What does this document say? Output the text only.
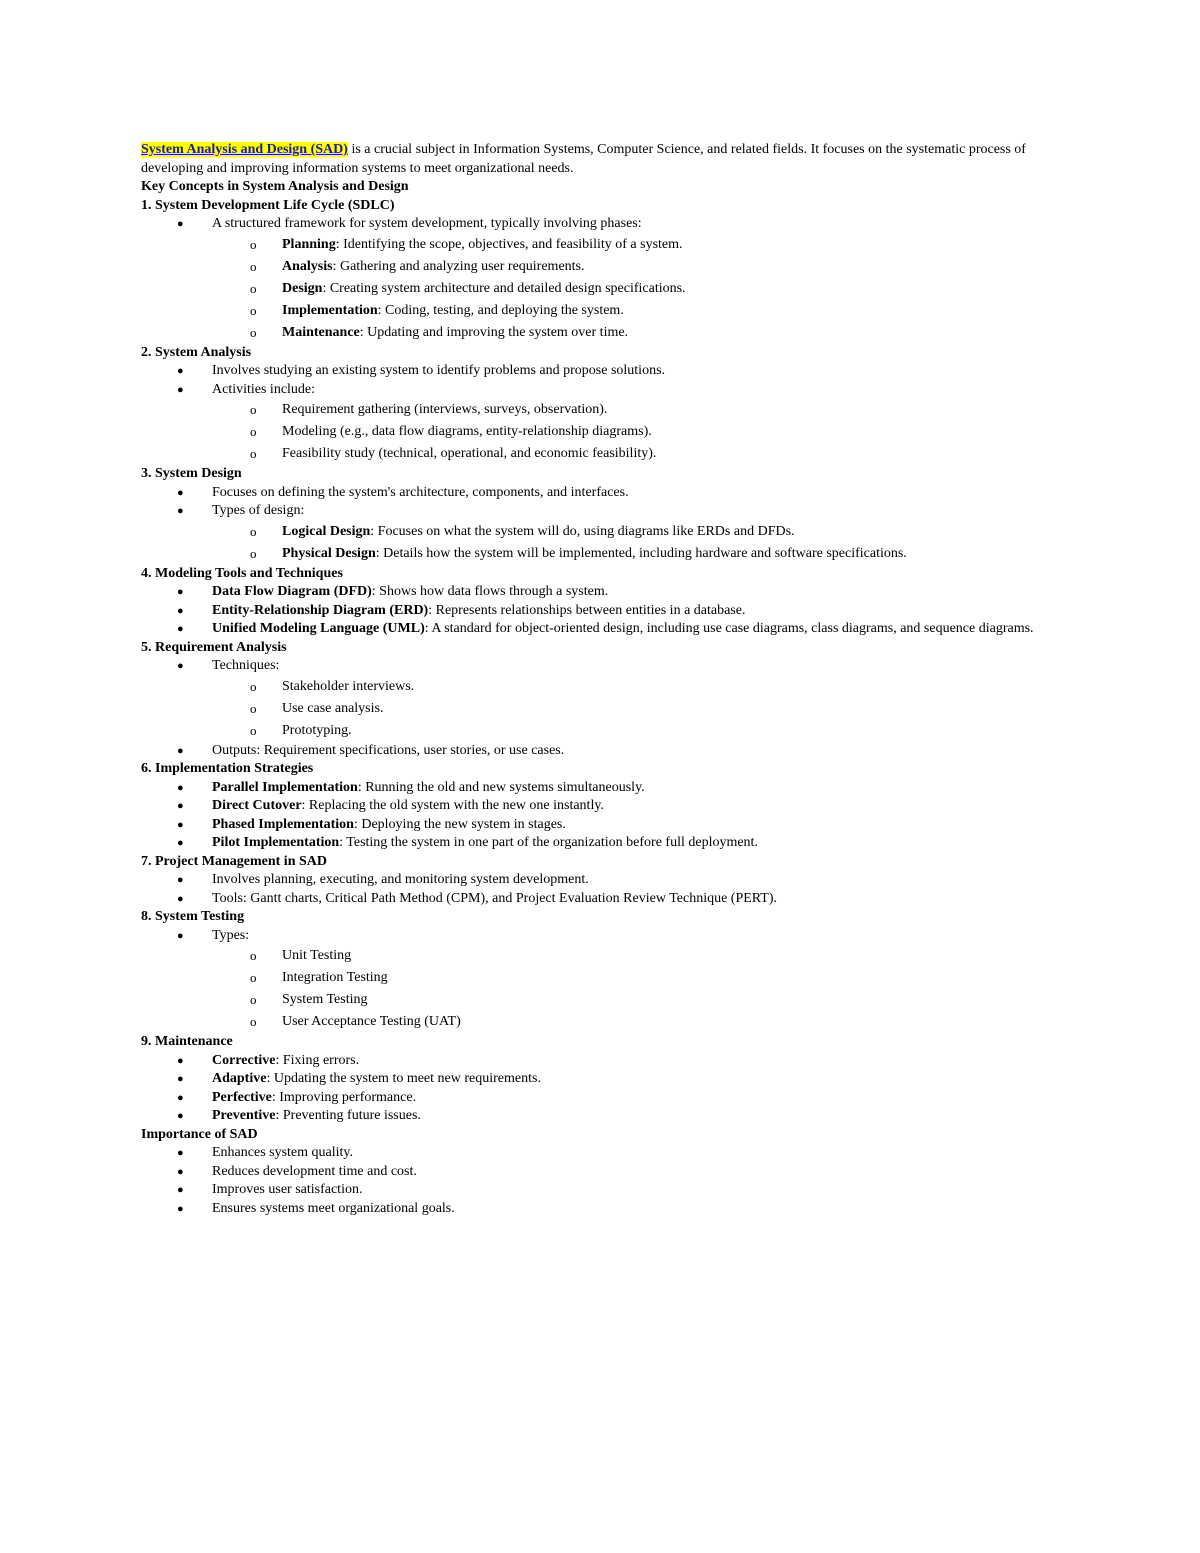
System Analysis and Design (SAD) is a crucial subject in Information Systems, Computer Science, and related fields. It focuses on the systematic process of developing and improving information systems to meet organizational needs.

Key Concepts in System Analysis and Design

1. System Development Life Cycle (SDLC)

●	A structured framework for system development, typically involving phases:
o	Planning: Identifying the scope, objectives, and feasibility of a system.
o	Analysis: Gathering and analyzing user requirements.
o	Design: Creating system architecture and detailed design specifications.
o	Implementation: Coding, testing, and deploying the system.
o	Maintenance: Updating and improving the system over time.

2. System Analysis

●	Involves studying an existing system to identify problems and propose solutions.
●	Activities include:
o	Requirement gathering (interviews, surveys, observation).
o	Modeling (e.g., data flow diagrams, entity-relationship diagrams).
o	Feasibility study (technical, operational, and economic feasibility).

3. System Design

●	Focuses on defining the system's architecture, components, and interfaces.
●	Types of design:
o	Logical Design: Focuses on what the system will do, using diagrams like ERDs and DFDs.
o	Physical Design: Details how the system will be implemented, including hardware and software specifications.

4. Modeling Tools and Techniques

●	Data Flow Diagram (DFD): Shows how data flows through a system.
●	Entity-Relationship Diagram (ERD): Represents relationships between entities in a database.
●	Unified Modeling Language (UML): A standard for object-oriented design, including use case diagrams, class diagrams, and sequence diagrams.

5. Requirement Analysis

●	Techniques:
o	Stakeholder interviews.
o	Use case analysis.
o	Prototyping.
●	Outputs: Requirement specifications, user stories, or use cases.

6. Implementation Strategies

●	Parallel Implementation: Running the old and new systems simultaneously.
●	Direct Cutover: Replacing the old system with the new one instantly.
●	Phased Implementation: Deploying the new system in stages.
●	Pilot Implementation: Testing the system in one part of the organization before full deployment.

7. Project Management in SAD

●	Involves planning, executing, and monitoring system development.
●	Tools: Gantt charts, Critical Path Method (CPM), and Project Evaluation Review Technique (PERT).

8. System Testing

●	Types:
o	Unit Testing
o	Integration Testing
o	System Testing
o	User Acceptance Testing (UAT)

9. Maintenance

●	Corrective: Fixing errors.
●	Adaptive: Updating the system to meet new requirements.
●	Perfective: Improving performance.
●	Preventive: Preventing future issues.

Importance of SAD

●	Enhances system quality.
●	Reduces development time and cost.
●	Improves user satisfaction.
●	Ensures systems meet organizational goals.
